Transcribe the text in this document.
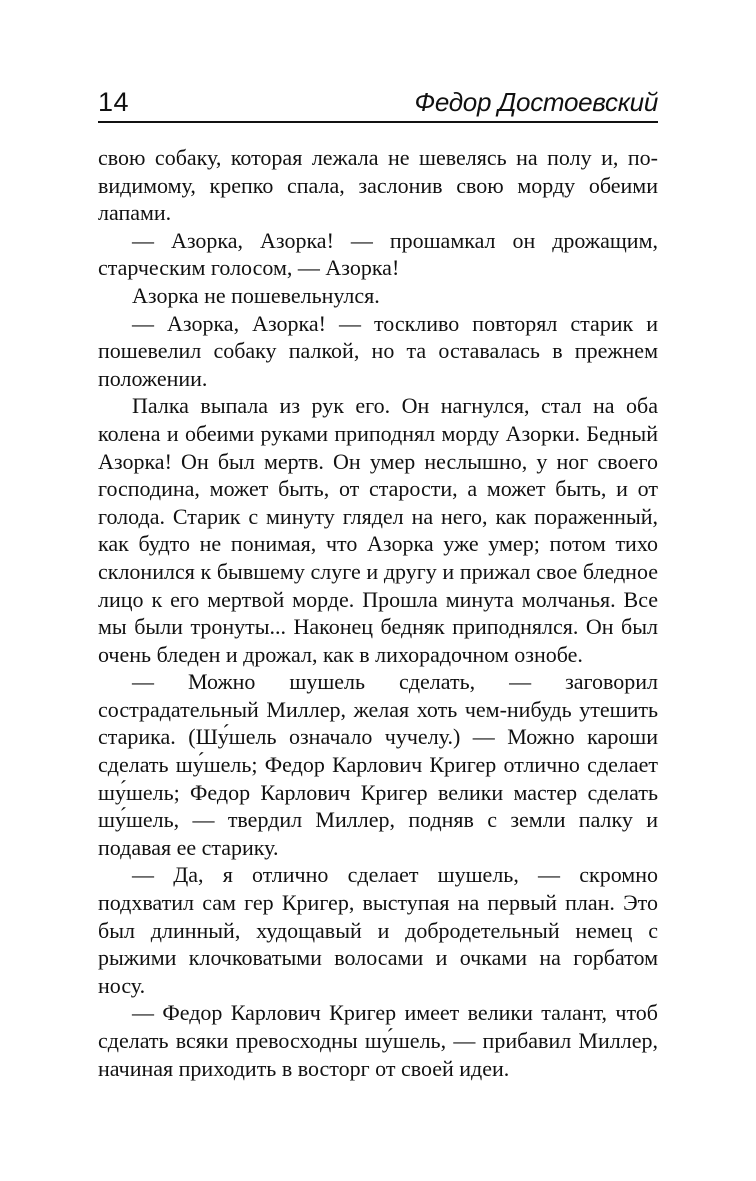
14	Федор Достоевский

свою собаку, которая лежала не шевелясь на полу и, по-видимому, крепко спала, заслонив свою морду обеими лапами.

— Азорка, Азорка! — прошамкал он дрожащим, старческим голосом, — Азорка!

Азорка не пошевельнулся.

— Азорка, Азорка! — тоскливо повторял старик и пошевелил собаку палкой, но та оставалась в прежнем положении.

Палка выпала из рук его. Он нагнулся, стал на оба колена и обеими руками приподнял морду Азорки. Бедный Азорка! Он был мертв. Он умер неслышно, у ног своего господина, может быть, от старости, а может быть, и от голода. Старик с минуту глядел на него, как пораженный, как будто не понимая, что Азорка уже умер; потом тихо склонился к бывшему слуге и другу и прижал свое бледное лицо к его мертвой морде. Прошла минута молчанья. Все мы были тронуты... Наконец бедняк приподнялся. Он был очень бледен и дрожал, как в лихорадочном ознобе.

— Можно шушель сделать, — заговорил сострадательный Миллер, желая хоть чем-нибудь утешить старика. (Шу́шель означало чучелу.) — Можно кароши сделать шу́шель; Федор Карлович Кригер отлично сделает шу́шель; Федор Карлович Кригер велики мастер сделать шу́шель, — твердил Миллер, подняв с земли палку и подавая ее старику.

— Да, я отлично сделает шушель, — скромно подхватил сам гер Кригер, выступая на первый план. Это был длинный, худощавый и добродетельный немец с рыжими клочковатыми волосами и очками на горбатом носу.

— Федор Карлович Кригер имеет велики талант, чтоб сделать всяки превосходны шу́шель, — прибавил Миллер, начиная приходить в восторг от своей идеи.
